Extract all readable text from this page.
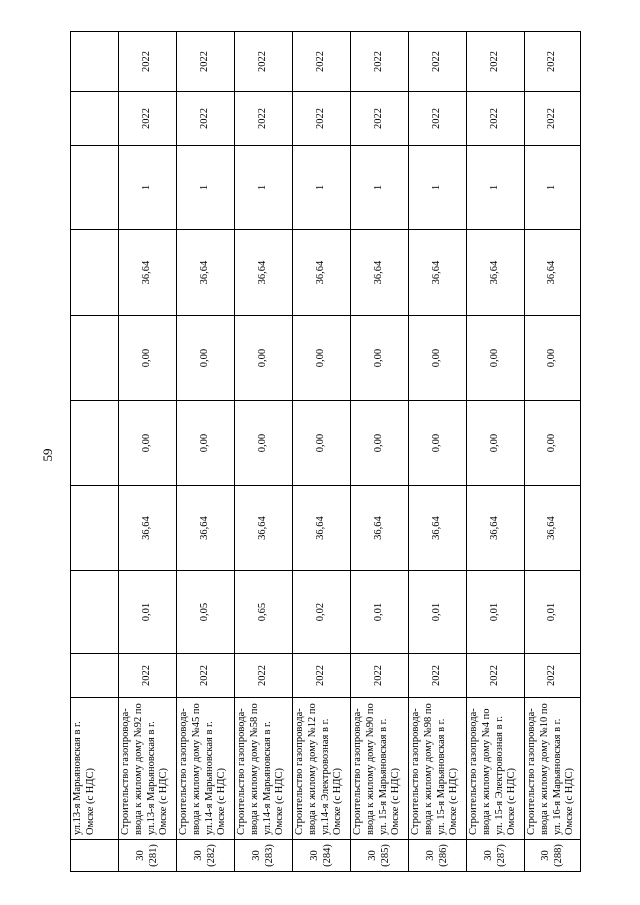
59
	ул.13-я Марьяновская в г. Омске (с НДС)									
30 (281)	Строительство газопровода-ввода к жилому дому №92 по ул.13-я Марьяновская в г. Омске (с НДС)	2022	0,01	36,64	0,00	0,00	36,64	1	2022	2022
30 (282)	Строительство газопровода-ввода к жилому дому №45 по ул.14-я Марьяновская в г. Омске (с НДС)	2022	0,05	36,64	0,00	0,00	36,64	1	2022	2022
30 (283)	Строительство газопровода-ввода к жилому дому №58 по ул.14-я Марьяновская в г. Омске (с НДС)	2022	0,65	36,64	0,00	0,00	36,64	1	2022	2022
30 (284)	Строительство газопровода-ввода к жилому дому №12 по ул.14-я Электровозная в г. Омске (с НДС)	2022	0,02	36,64	0,00	0,00	36,64	1	2022	2022
30 (285)	Строительство газопровода-ввода к жилому дому №90 по ул. 15-я Марьяновская в г. Омске (с НДС)	2022	0,01	36,64	0,00	0,00	36,64	1	2022	2022
30 (286)	Строительство газопровода-ввода к жилому дому №98 по ул. 15-я Марьяновская в г. Омске (с НДС)	2022	0,01	36,64	0,00	0,00	36,64	1	2022	2022
30 (287)	Строительство газопровода-ввода к жилому дому №4 по ул. 15-я Электровозная в г. Омске (с НДС)	2022	0,01	36,64	0,00	0,00	36,64	1	2022	2022
30 (288)	Строительство газопровода-ввода к жилому дому №10 по ул. 16-я Марьяновская в г. Омске (с НДС)	2022	0,01	36,64	0,00	0,00	36,64	1	2022	2022
